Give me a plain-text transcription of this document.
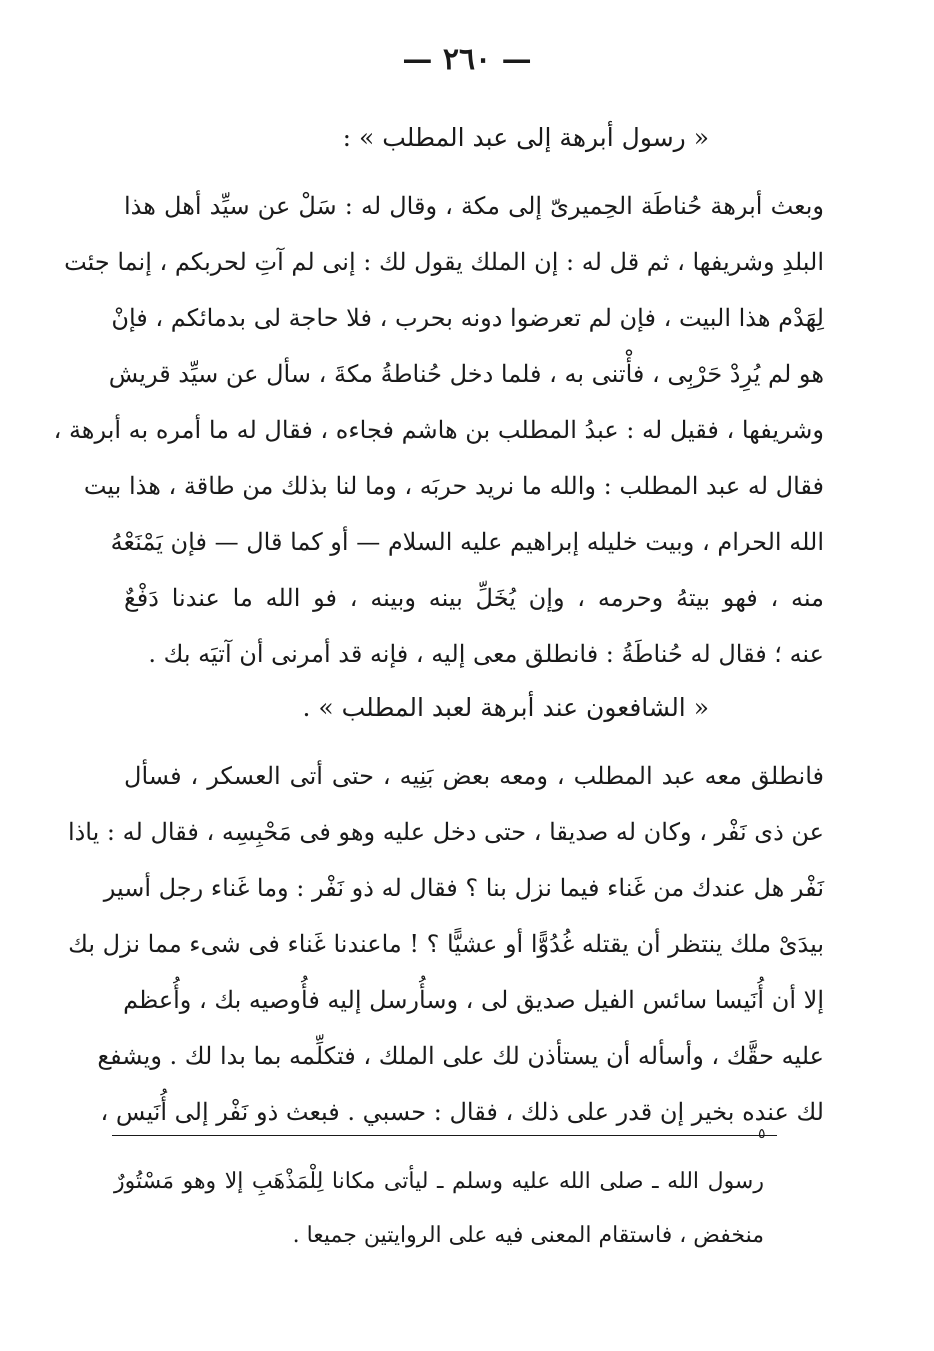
— ٢٦٠ —
« رسول أبرهة إلى عبد المطلب » :
وبعث أبرهة حُناطَة الحِميرىّ إلى مكة ، وقال له : سَلْ عن سيِّد أهل هذا
البلدِ وشريفها ، ثم قل له : إن الملك يقول لك : إنى لم آتِ لحربكم ، إنما جئت
لِهَدْم هذا البيت ، فإن لم تعرضوا دونه بحرب ، فلا حاجة لى بدمائكم ، فإنْ
هو لم يُرِدْ حَرْبِى ، فأْتنى به ، فلما دخل حُناطةُ مكةَ ، سأل عن سيِّد قريش
وشريفها ، فقيل له : عبدُ المطلب بن هاشم فجاءه ، فقال له ما أمره به أبرهة ،
فقال له عبد المطلب : والله ما نريد حربَه ، وما لنا بذلك من طاقة ، هذا بيت
الله الحرام ، وبيت خليله إبراهيم عليه السلام — أو كما قال — فإن يَمْنَعْهُ
منه ، فهو بيتهُ وحرمه ، وإن يُخَلِّ بينه وبينه ، فو الله ما عندنا دَفْعٌ
عنه ؛ فقال له حُناطَةُ : فانطلق معى إليه ، فإنه قد أمرنى أن آتيَه بك .
« الشافعون عند أبرهة لعبد المطلب » .
فانطلق معه عبد المطلب ، ومعه بعض بَنِيه ، حتى أتى العسكر ، فسأل
عن ذى نَفْر ، وكان له صديقا ، حتى دخل عليه وهو فى مَحْبِسِه ، فقال له : ياذا
نَفْر هل عندك من غَناء فيما نزل بنا ؟ فقال له ذو نَفْر : وما غَناء رجل أسير
بيدَىْ ملك ينتظر أن يقتله غُدُوًّا أو عشيًّا ؟ ! ماعندنا غَناء فى شىء مما نزل بك
إلا أن أُنَيسا سائس الفيل صديق لى ، وسأُرسل إليه فأُوصيه بك ، وأُعظم
عليه حقَّك ، وأسأله أن يستأذن لك على الملك ، فتكلِّمه بما بدا لك . ويشفع
لك عنده بخير إن قدر على ذلك ، فقال : حسبي . فبعث ذو نَفْر إلى أُنَيس ،
٥
رسول الله ـ صلى الله عليه وسلم ـ ليأتى مكانا لِلْمَذْهَبِ إلا وهو مَسْتُورٌ
منخفض ، فاستقام المعنى فيه على الروايتين جميعا .
